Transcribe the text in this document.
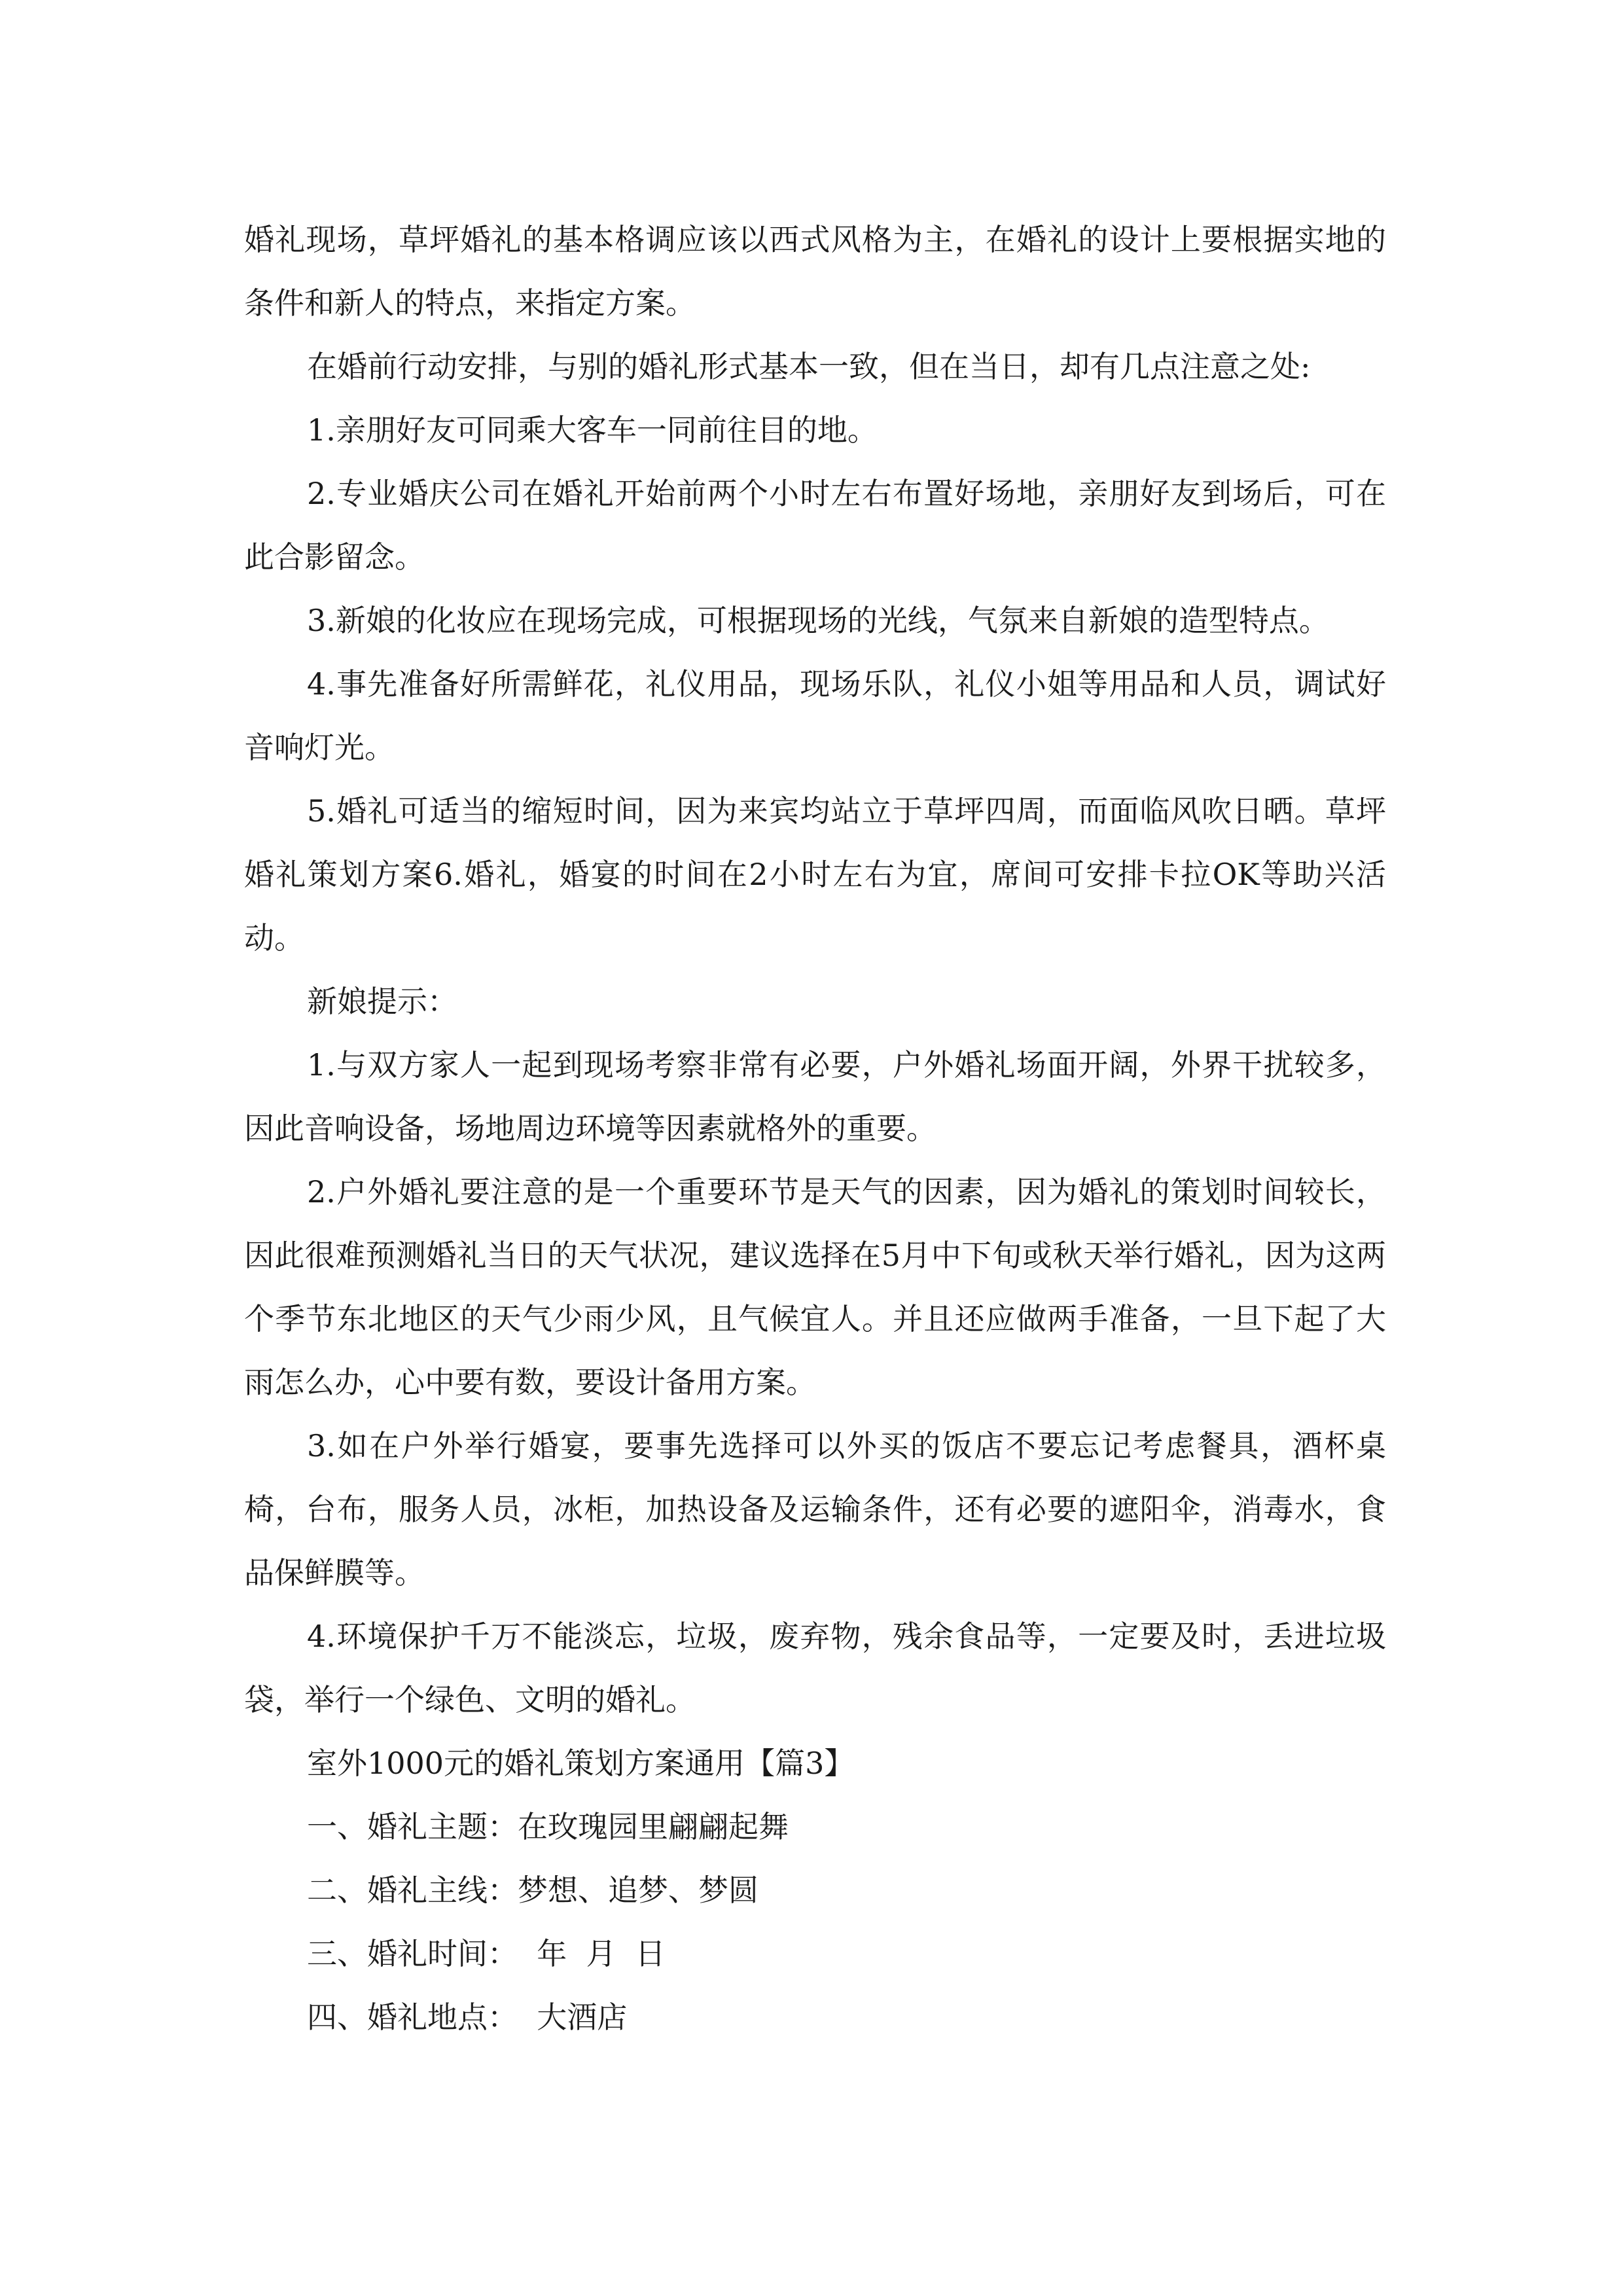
婚礼现场，草坪婚礼的基本格调应该以西式风格为主，在婚礼的设计上要根据实地的条件和新人的特点，来指定方案。

在婚前行动安排，与别的婚礼形式基本一致，但在当日，却有几点注意之处:

1.亲朋好友可同乘大客车一同前往目的地。

2.专业婚庆公司在婚礼开始前两个小时左右布置好场地，亲朋好友到场后，可在此合影留念。

3.新娘的化妆应在现场完成，可根据现场的光线，气氛来自新娘的造型特点。

4.事先准备好所需鲜花，礼仪用品，现场乐队，礼仪小姐等用品和人员，调试好音响灯光。

5.婚礼可适当的缩短时间，因为来宾均站立于草坪四周，而面临风吹日晒。草坪婚礼策划方案6.婚礼，婚宴的时间在2小时左右为宜，席间可安排卡拉OK等助兴活动。

新娘提示：

1.与双方家人一起到现场考察非常有必要，户外婚礼场面开阔，外界干扰较多，因此音响设备，场地周边环境等因素就格外的重要。

2.户外婚礼要注意的是一个重要环节是天气的因素，因为婚礼的策划时间较长，因此很难预测婚礼当日的天气状况，建议选择在5月中下旬或秋天举行婚礼，因为这两个季节东北地区的天气少雨少风，且气候宜人。并且还应做两手准备，一旦下起了大雨怎么办，心中要有数，要设计备用方案。

3.如在户外举行婚宴，要事先选择可以外买的饭店不要忘记考虑餐具，酒杯桌椅，台布，服务人员，冰柜，加热设备及运输条件，还有必要的遮阳伞，消毒水，食品保鲜膜等。

4.环境保护千万不能淡忘，垃圾，废弃物，残余食品等，一定要及时，丢进垃圾袋，举行一个绿色、文明的婚礼。

室外1000元的婚礼策划方案通用【篇3】

一、婚礼主题：在玫瑰园里翩翩起舞

二、婚礼主线：梦想、追梦、梦圆

三、婚礼时间：  年  月  日

四、婚礼地点：  大酒店
